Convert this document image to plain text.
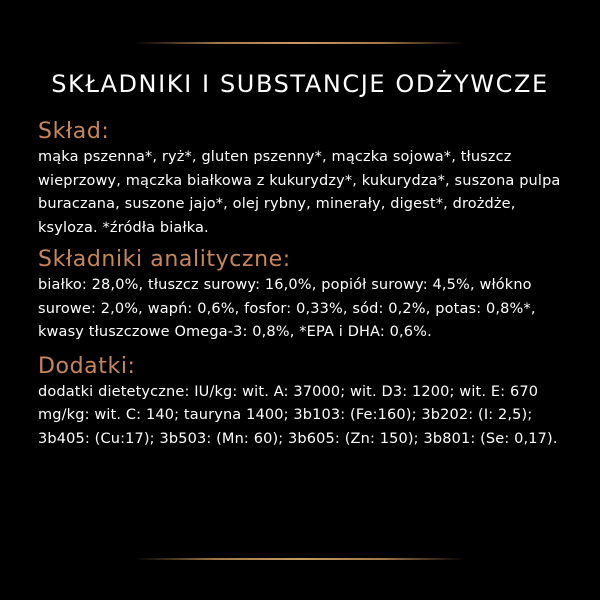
SKŁADNIKI I SUBSTANCJE ODŻYWCZE

Skład:

mąka pszenna*, ryż*, gluten pszenny*, mączka sojowa*, tłuszcz wieprzowy, mączka białkowa z kukurydzy*, kukurydza*, suszona pulpa buraczana, suszone jajo*, olej rybny, minerały, digest*, drożdże, ksyloza. *źródła białka.

Składniki analityczne:

białko: 28,0%, tłuszcz surowy: 16,0%, popiół surowy: 4,5%, włókno surowe: 2,0%, wapń: 0,6%, fosfor: 0,33%, sód: 0,2%, potas: 0,8%*, kwasy tłuszczowe Omega-3: 0,8%, *EPA i DHA: 0,6%.

Dodatki:

dodatki dietetyczne: IU/kg: wit. A: 37000; wit. D3: 1200; wit. E: 670 mg/kg: wit. C: 140; tauryna 1400; 3b103: (Fe:160); 3b202: (I: 2,5); 3b405: (Cu:17); 3b503: (Mn: 60); 3b605: (Zn: 150); 3b801: (Se: 0,17).
